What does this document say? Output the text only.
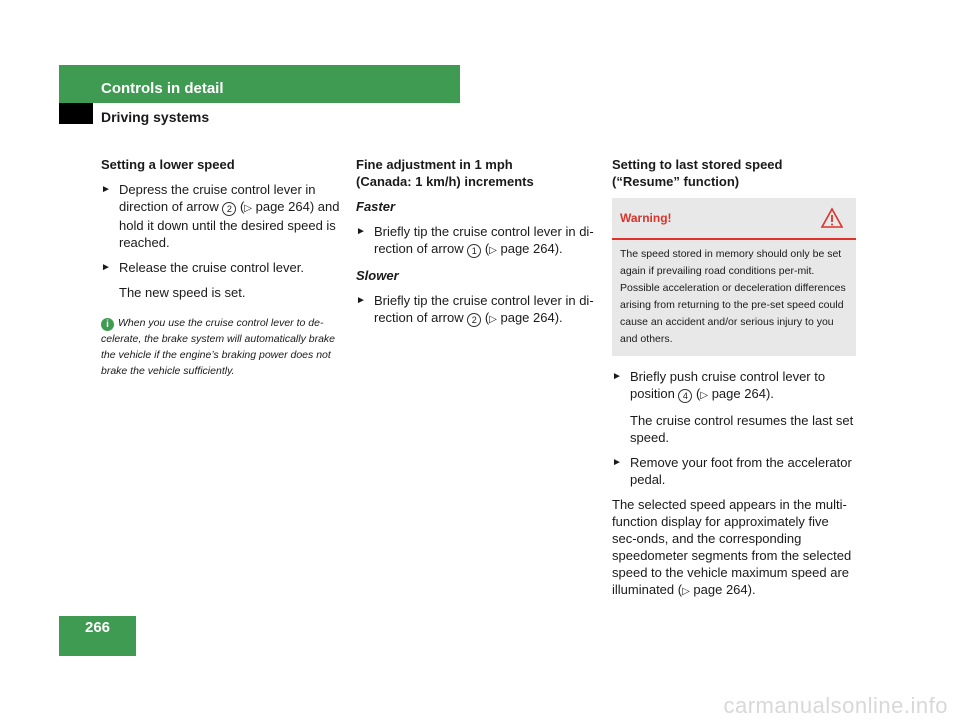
Controls in detail
Driving systems
Setting a lower speed
► Depress the cruise control lever in direction of arrow 2 (▷ page 264) and hold it down until the desired speed is reached.
► Release the cruise control lever.
The new speed is set.
i When you use the cruise control lever to de-celerate, the brake system will automatically brake the vehicle if the engine’s braking power does not brake the vehicle sufficiently.
Fine adjustment in 1 mph
(Canada: 1 km/h) increments
Faster
► Briefly tip the cruise control lever in di-rection of arrow 1 (▷ page 264).
Slower
► Briefly tip the cruise control lever in di-rection of arrow 2 (▷ page 264).
Setting to last stored speed
(“Resume” function)
Warning!
The speed stored in memory should only be set again if prevailing road conditions per-mit. Possible acceleration or deceleration differences arising from returning to the pre-set speed could cause an accident and/or serious injury to you and others.
► Briefly push cruise control lever to position 4 (▷ page 264).
The cruise control resumes the last set speed.
► Remove your foot from the accelerator pedal.
The selected speed appears in the multi-function display for approximately five sec-onds, and the corresponding speedometer segments from the selected speed to the vehicle maximum speed are illuminated (▷ page 264).
266
carmanualsonline.info
